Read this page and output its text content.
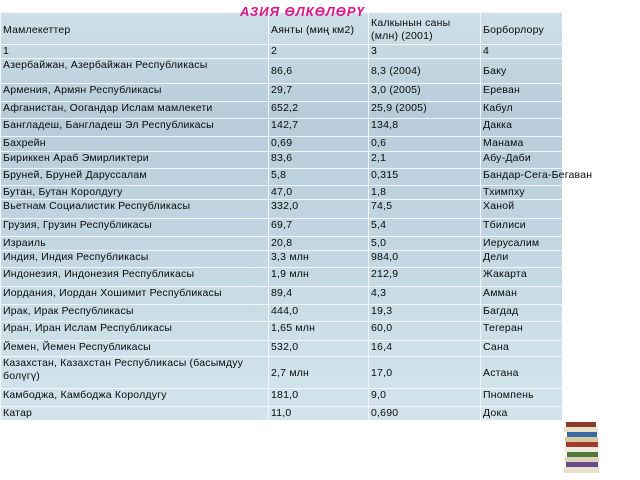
АЗИЯ ӨЛКӨЛӨРҮ
Мамлекеттер	Аянты (миң км2)	Калкынын саны (млн) (2001)	Борборлору
1	2	3	4
Азербайжан, Азербайжан Республикасы	86,6	8,3 (2004)	Баку
Армения, Армян Республикасы	29,7	3,0 (2005)	Ереван
Афганистан, Оогандар Ислам мамлекети	652,2	25,9 (2005)	Кабул
Бангладеш, Бангладеш Эл Республикасы	142,7	134,8	Дакка
Бахрейн	0,69	0,6	Манама
Бириккен Араб Эмирликтери	83,6	2,1	Абу-Даби
Бруней, Бруней Даруссалам	5,8	0,315	Бандар-Сега-Бегаван
Бутан, Бутан Королдугу	47,0	1,8	Тхимпху
Вьетнам Социалистик Республикасы	332,0	74,5	Ханой
Грузия, Грузин Республикасы	69,7	5,4	Тбилиси
Израиль	20,8	5,0	Иерусалим
Индия, Индия Республикасы	3,3 млн	984,0	Дели
Индонезия, Индонезия Республикасы	1,9 млн	212,9	Жакарта
Иордания, Иордан Хошимит Республикасы	89,4	4,3	Амман
Ирак, Ирак Республикасы	444,0	19,3	Багдад
Иран, Иран Ислам Республикасы	1,65 млн	60,0	Тегеран
Йемен, Йемен Республикасы	532,0	16,4	Сана
Казахстан, Казахстан Республикасы (басымдуу болүгү)	2,7 млн	17,0	Астана
Камбоджа, Камбоджа Королдугу	181,0	9,0	Пномпень
Катар	11,0	0,690	Дока
